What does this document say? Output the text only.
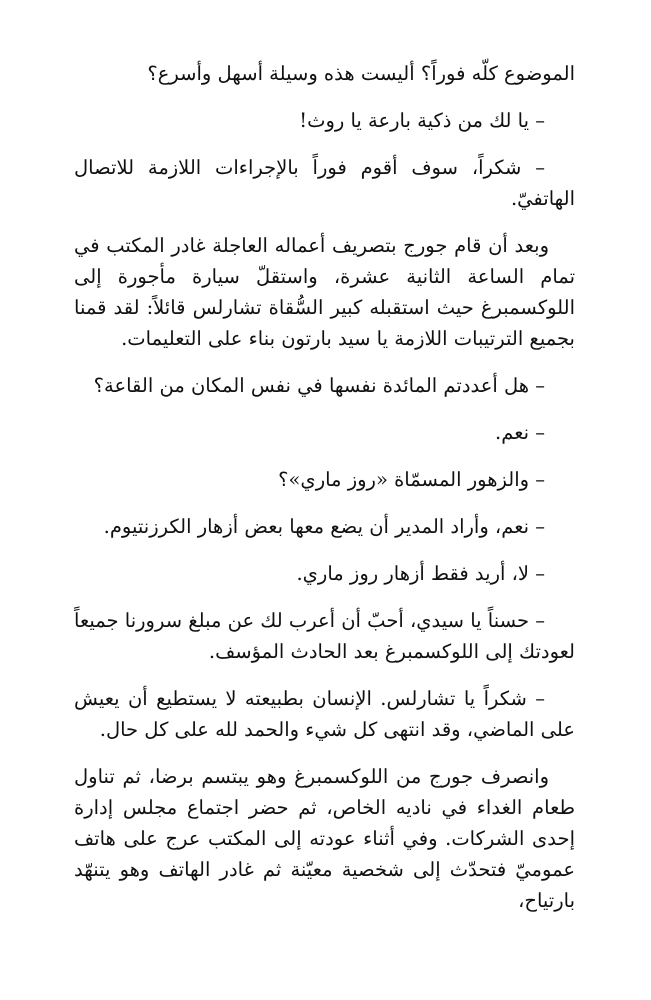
الموضوع كلّه فوراً؟ أليست هذه وسيلة أسهل وأسرع؟

– يا لك من ذكية بارعة يا روث!

– شكراً، سوف أقوم فوراً بالإجراءات اللازمة للاتصال الهاتفيّ.

وبعد أن قام جورج بتصريف أعماله العاجلة غادر المكتب في تمام الساعة الثانية عشرة، واستقلّ سيارة مأجورة إلى اللوكسمبرغ حيث استقبله كبير السُّقاة تشارلس قائلاً: لقد قمنا بجميع الترتيبات اللازمة يا سيد بارتون بناء على التعليمات.

– هل أعددتم المائدة نفسها في نفس المكان من القاعة؟

– نعم.

– والزهور المسمّاة «روز ماري»؟

– نعم، وأراد المدير أن يضع معها بعض أزهار الكرزنتيوم.

– لا، أريد فقط أزهار روز ماري.

– حسناً يا سيدي، أحبّ أن أعرب لك عن مبلغ سرورنا جميعاً لعودتك إلى اللوكسمبرغ بعد الحادث المؤسف.

– شكراً يا تشارلس. الإنسان بطبيعته لا يستطيع أن يعيش على الماضي، وقد انتهى كل شيء والحمد لله على كل حال.

وانصرف جورج من اللوكسمبرغ وهو يبتسم برضا، ثم تناول طعام الغداء في ناديه الخاص، ثم حضر اجتماع مجلس إدارة إحدى الشركات. وفي أثناء عودته إلى المكتب عرج على هاتف عموميّ فتحدّث إلى شخصية معيّنة ثم غادر الهاتف وهو يتنهّد بارتياح،
